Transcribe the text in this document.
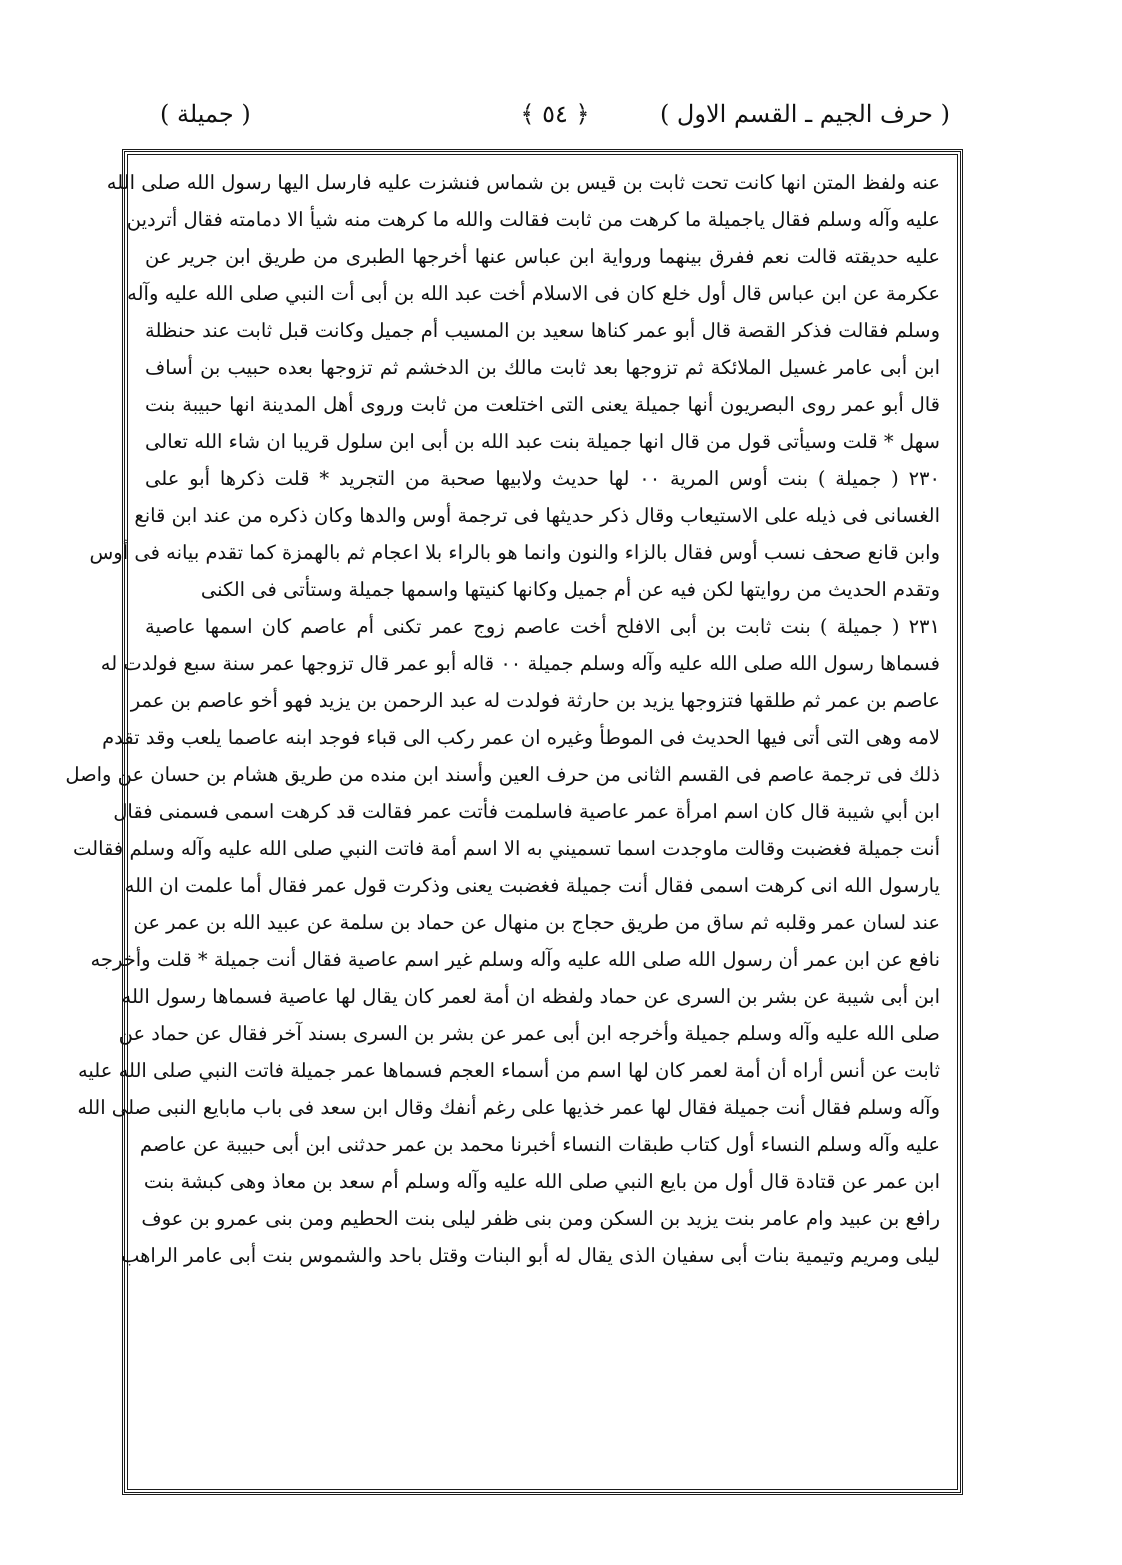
( حرف الجيم ـ القسم الاول )
﴿ ٥٤ ﴾
( جميلة )
عنه ولفظ المتن انها كانت تحت ثابت بن قيس بن شماس فنشزت عليه فارسل اليها رسول الله صلى الله
عليه وآله وسلم فقال ياجميلة ما كرهت من ثابت فقالت والله ما كرهت منه شيأ الا دمامته فقال أتردين
عليه حديقته قالت نعم ففرق بينهما ورواية ابن عباس عنها أخرجها الطبرى من طريق ابن جرير عن
عكرمة عن ابن عباس قال أول خلع كان فى الاسلام أخت عبد الله بن أبى أت النبي صلى الله عليه وآله
وسلم فقالت فذكر القصة قال أبو عمر كناها سعيد بن المسيب أم جميل وكانت قبل ثابت عند حنظلة
ابن أبى عامر غسيل الملائكة ثم تزوجها بعد ثابت مالك بن الدخشم ثم تزوجها بعده حبيب بن أساف
قال أبو عمر روى البصريون أنها جميلة يعنى التى اختلعت من ثابت وروى أهل المدينة انها حبيبة بنت
سهل * قلت وسيأتى قول من قال انها جميلة بنت عبد الله بن أبى ابن سلول قريبا ان شاء الله تعالى
٢٣٠ ( جميلة ) بنت أوس المرية ٠٠ لها حديث ولابيها صحبة من التجريد * قلت ذكرها أبو على
الغسانى فى ذيله على الاستيعاب وقال ذكر حديثها فى ترجمة أوس والدها وكان ذكره من عند ابن قانع
وابن قانع صحف نسب أوس فقال بالزاء والنون وانما هو بالراء بلا اعجام ثم بالهمزة كما تقدم بيانه فى أوس
وتقدم الحديث من روايتها لكن فيه عن أم جميل وكانها كنيتها واسمها جميلة وستأتى فى الكنى
٢٣١ ( جميلة ) بنت ثابت بن أبى الافلح أخت عاصم زوج عمر تكنى أم عاصم كان اسمها عاصية
فسماها رسول الله صلى الله عليه وآله وسلم جميلة ٠٠ قاله أبو عمر قال تزوجها عمر سنة سبع فولدت له
عاصم بن عمر ثم طلقها فتزوجها يزيد بن حارثة فولدت له عبد الرحمن بن يزيد فهو أخو عاصم بن عمر
لامه وهى التى أتى فيها الحديث فى الموطأ وغيره ان عمر ركب الى قباء فوجد ابنه عاصما يلعب وقد تقدم
ذلك فى ترجمة عاصم فى القسم الثانى من حرف العين وأسند ابن منده من طريق هشام بن حسان عن واصل
ابن أبي شيبة قال كان اسم امرأة عمر عاصية فاسلمت فأتت عمر فقالت قد كرهت اسمى فسمنى فقال
أنت جميلة فغضبت وقالت ماوجدت اسما تسميني به الا اسم أمة فاتت النبي صلى الله عليه وآله وسلم فقالت
يارسول الله انى كرهت اسمى فقال أنت جميلة فغضبت يعنى وذكرت قول عمر فقال أما علمت ان الله
عند لسان عمر وقلبه ثم ساق من طريق حجاج بن منهال عن حماد بن سلمة عن عبيد الله بن عمر عن
نافع عن ابن عمر أن رسول الله صلى الله عليه وآله وسلم غير اسم عاصية فقال أنت جميلة * قلت وأخرجه
ابن أبى شيبة عن بشر بن السرى عن حماد ولفظه ان أمة لعمر كان يقال لها عاصية فسماها رسول الله
صلى الله عليه وآله وسلم جميلة وأخرجه ابن أبى عمر عن بشر بن السرى بسند آخر فقال عن حماد عن
ثابت عن أنس أراه أن أمة لعمر كان لها اسم من أسماء العجم فسماها عمر جميلة فاتت النبي صلى الله عليه
وآله وسلم فقال أنت جميلة فقال لها عمر خذيها على رغم أنفك وقال ابن سعد فى باب مابايع النبى صلى الله
عليه وآله وسلم النساء أول كتاب طبقات النساء أخبرنا محمد بن عمر حدثنى ابن أبى حبيبة عن عاصم
ابن عمر عن قتادة قال أول من بايع النبي صلى الله عليه وآله وسلم أم سعد بن معاذ وهى كبشة بنت
رافع بن عبيد وام عامر بنت يزيد بن السكن ومن بنى ظفر ليلى بنت الحطيم ومن بنى عمرو بن عوف
ليلى ومريم وتيمية بنات أبى سفيان الذى يقال له أبو البنات وقتل باحد والشموس بنت أبى عامر الراهب
